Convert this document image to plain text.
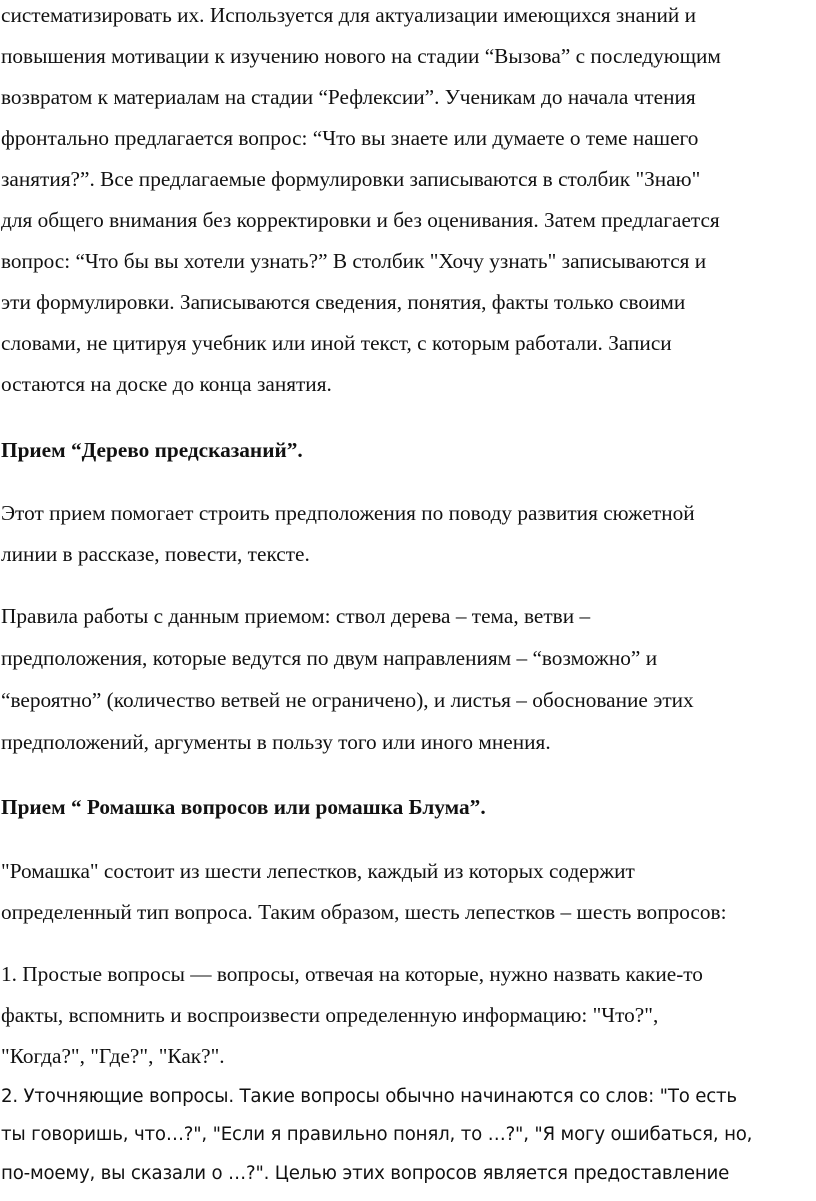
систематизировать их. Используется для актуализации имеющихся знаний и

повышения мотивации к изучению нового на стадии “Вызова” с последующим

возвратом к материалам на стадии “Рефлексии”. Ученикам до начала чтения

фронтально предлагается вопрос: “Что вы знаете или думаете о теме нашего

занятия?”. Все предлагаемые формулировки записываются в столбик "Знаю"

для общего внимания без корректировки и без оценивания. Затем предлагается

вопрос: “Что бы вы хотели узнать?” В столбик "Хочу узнать" записываются и

эти формулировки. Записываются сведения, понятия, факты только своими

словами, не цитируя учебник или иной текст, с которым работали. Записи

остаются на доске до конца занятия.

Прием “Дерево предсказаний”.

Этот прием помогает строить предположения по поводу развития сюжетной

линии в рассказе, повести, тексте.

Правила работы с данным приемом: ствол дерева – тема, ветви –

предположения, которые ведутся по двум направлениям – “возможно” и

“вероятно” (количество ветвей не ограничено), и листья – обоснование этих

предположений, аргументы в пользу того или иного мнения.

Прием “ Ромашка вопросов или ромашка Блума”.

"Ромашка" состоит из шести лепестков, каждый из которых содержит

определенный тип вопроса. Таким образом, шесть лепестков – шесть вопросов:

1. Простые вопросы — вопросы, отвечая на которые, нужно назвать какие-то

факты, вспомнить и воспроизвести определенную информацию: "Что?",

"Когда?", "Где?", "Как?".

2. Уточняющие вопросы. Такие вопросы обычно начинаются со слов: "То есть

ты говоришь, что…?", "Если я правильно понял, то …?", "Я могу ошибаться, но,

по-моему, вы сказали о …?". Целью этих вопросов является предоставление
